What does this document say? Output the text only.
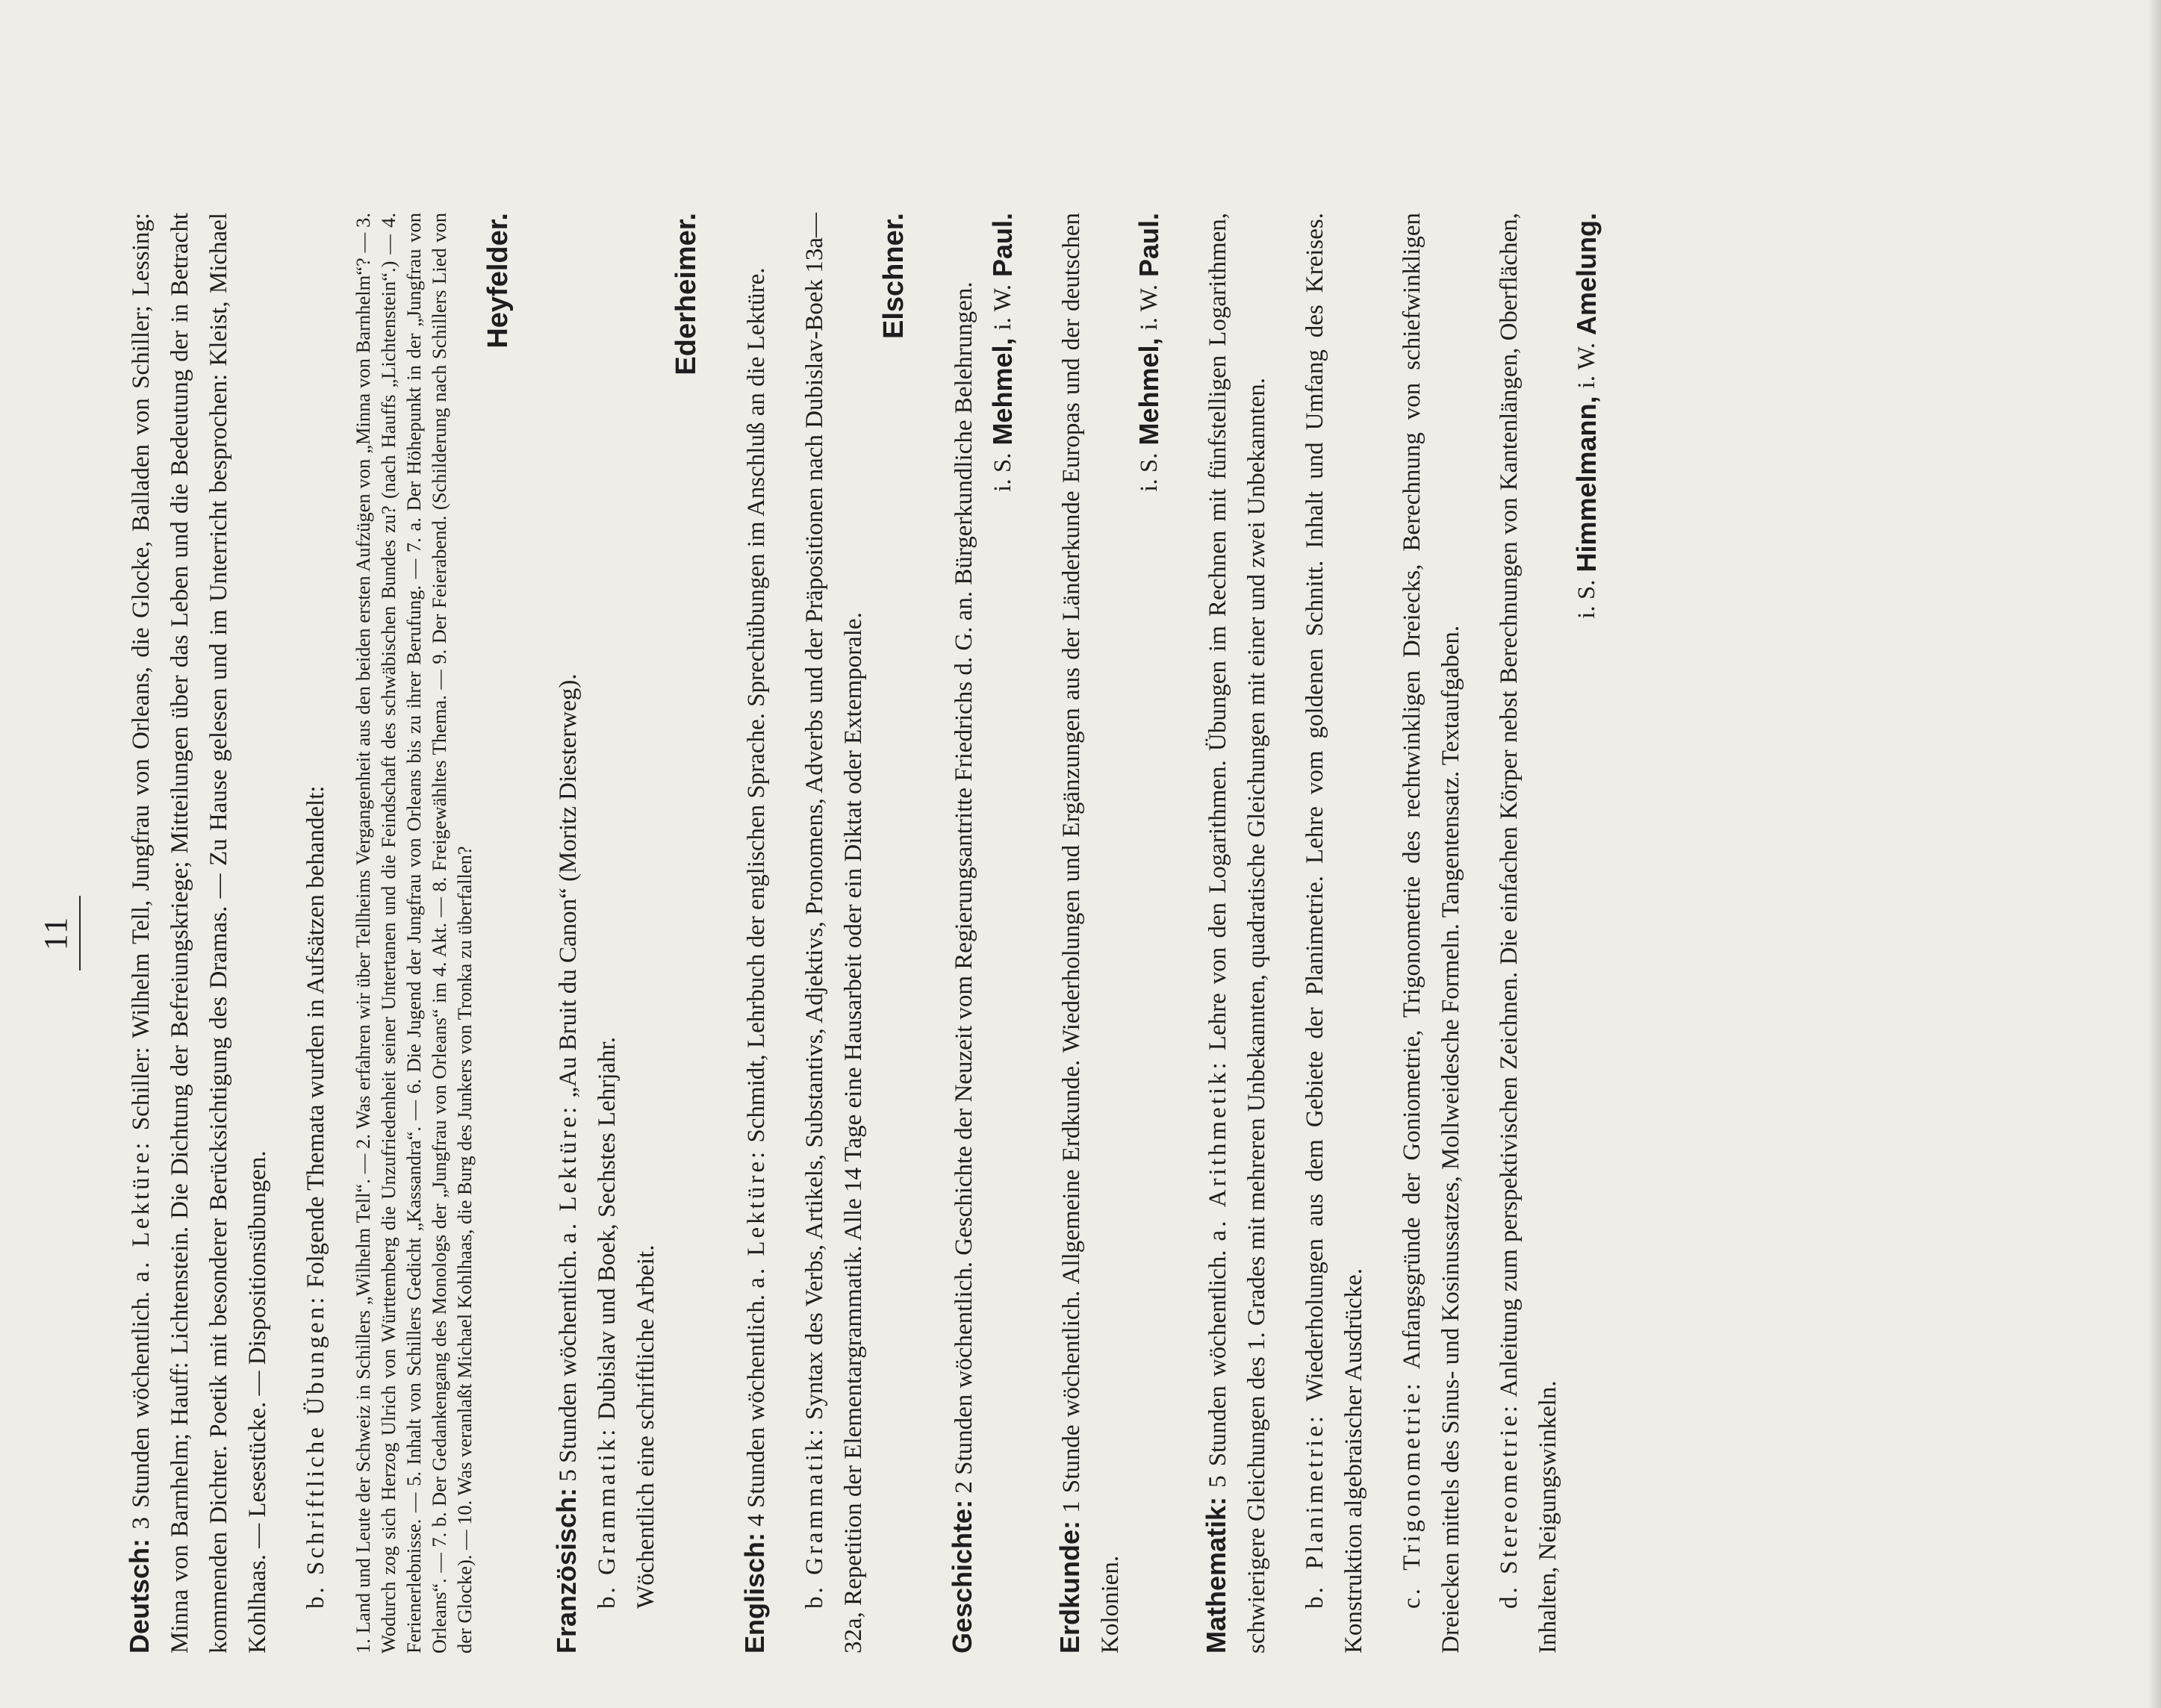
11

Deutsch: 3 Stunden wöchentlich. a. Lektüre: Schiller: Wilhelm Tell, Jungfrau von Orleans, die Glocke, Balladen von Schiller; Lessing: Minna von Barnhelm; Hauff: Lichtenstein. Die Dichtung der Befreiungskriege; Mitteilungen über das Leben und die Bedeutung der in Betracht kommenden Dichter. Poetik mit besonderer Berücksichtigung des Dramas. — Zu Hause gelesen und im Unterricht besprochen: Kleist, Michael Kohlhaas. — Lesestücke. — Dispositionsübungen. b. Schriftliche Übungen: Folgende Themata wurden in Aufsätzen behandelt:	1. Land und Leute der Schweiz in Schillers „Wilhelm Tell“. — 2. Was erfahren wir über Tellheims Vergangenheit aus den beiden ersten Aufzügen von „Minna von Barnhelm“? — 3. Wodurch zog sich Herzog Ulrich von Württemberg die Unzufriedenheit seiner Untertanen und die Feindschaft des schwäbischen Bundes zu? (nach Hauffs „Lichtenstein“.) — 4. Ferienerlebnisse. — 5. Inhalt von Schillers Gedicht „Kassandra“. — 6. Die Jugend der Jungfrau von Orleans bis zu ihrer Berufung. — 7. a. Der Höhepunkt in der „Jungfrau von Orleans“. — 7. b. Der Gedankengang des Monologs der „Jungfrau von Orleans“ im 4. Akt. — 8. Freigewähltes Thema. — 9. Der Feierabend. (Schilderung nach Schillers Lied von der Glocke). — 10. Was veranlaßt Michael Kohlhaas, die Burg des Junkers von Tronka zu überfallen?

Heyfelder.

Französisch: 5 Stunden wöchentlich. a. Lektüre: „Au Bruit du Canon“ (Moritz Diesterweg).

b. Grammatik: Dubislav und Boek, Sechstes Lehrjahr.

Wöchentlich eine schriftliche Arbeit.

Ederheimer.

Englisch: 4 Stunden wöchentlich. a. Lektüre: Schmidt, Lehrbuch der englischen Sprache. Sprechübungen im Anschluß an die Lektüre.

b. Grammatik: Syntax des Verbs, Artikels, Substantivs, Adjektivs, Pronomens, Adverbs und der Präpositionen nach Dubislav-Boek 13a—32a, Repetition der Elementargrammatik. Alle 14 Tage eine Hausarbeit oder ein Diktat oder Extemporale.

Elschner.

Geschichte: 2 Stunden wöchentlich. Geschichte der Neuzeit vom Regierungsantritte Friedrichs d. G. an. Bürgerkundliche Belehrungen. i. S.
Mehmel,
i. W.
Paul.

Erdkunde: 1 Stunde wöchentlich. Allgemeine Erdkunde. Wiederholungen und Ergänzungen aus der Länderkunde Europas und der deutschen Kolonien.

i. S.
Mehmel,
i. W.
Paul.

Mathematik: 5 Stunden wöchentlich. a. Arithmetik: Lehre von den Logarithmen. Übungen im Rechnen mit fünfstelligen Logarithmen, schwierigere Gleichungen des 1. Grades mit mehreren Unbekannten, quadratische Gleichungen mit einer und zwei Unbekannten. b. Planimetrie: Wiederholungen aus dem Gebiete der Planimetrie. Lehre vom goldenen Schnitt. Inhalt und Umfang des Kreises. Konstruktion algebraischer Ausdrücke. c. Trigonometrie: Anfangsgründe der Goniometrie, Trigonometrie des rechtwinkligen Dreiecks, Berechnung von schiefwinkligen Dreiecken mittels des Sinus- und Kosinussatzes, Mollweidesche Formeln. Tangentensatz. Textaufgaben. d. Stereometrie: Anleitung zum perspektivischen Zeichnen. Die einfachen Körper nebst Berechnungen von Kantenlängen, Oberflächen, Inhalten, Neigungswinkeln.

i. S.
Himmelmann,
i. W.
Amelung.
